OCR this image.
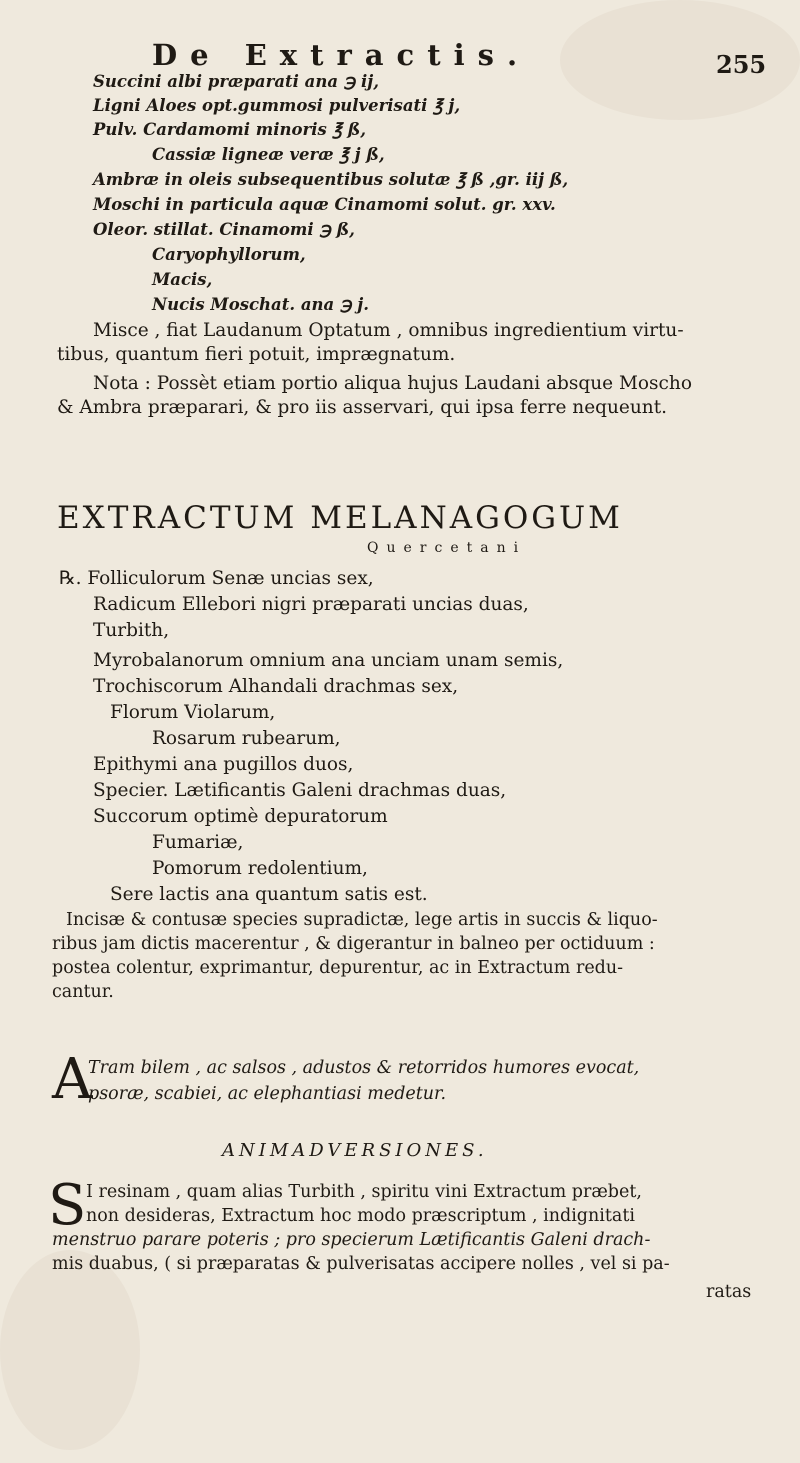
De Extractis.	255
Succini albi præparati ana ℈ ij,
Ligni Aloes opt.gummosi pulverisati ℥ j,
Pulv. Cardamomi minoris ℥ ß,
Cassiæ ligneæ veræ ℥ j ß,
Ambræ in oleis subsequentibus solutæ ℥ ß ,gr. iij ß,
Moschi in particula aquæ Cinamomi solut. gr. xxv.
Oleor. stillat. Cinamomi ℈ ß,
Caryophyllorum,
Macis,
Nucis Moschat. ana ℈ j.
Misce , fiat Laudanum Optatum , omnibus ingredientium virtu-
tibus, quantum fieri potuit, imprægnatum.
Nota : Possèt etiam portio aliqua hujus Laudani absque Moscho
& Ambra præparari, & pro iis asservari, qui ipsa ferre nequeunt.
EXTRACTUM MELANAGOGUM
Quercetani
℞. Folliculorum Senæ uncias sex,
Radicum Ellebori nigri præparati uncias duas,
Turbith,
Myrobalanorum omnium ana unciam unam semis,
Trochiscorum Alhandali drachmas sex,
Florum Violarum,
Rosarum rubearum,
Epithymi ana pugillos duos,
Specier. Lætificantis Galeni drachmas duas,
Succorum optimè depuratorum
Fumariæ,
Pomorum redolentium,
Sere lactis ana quantum satis est.
Incisæ & contusæ species supradictæ, lege artis in succis & liquo-
ribus jam dictis macerentur , & digerantur in balneo per octiduum :
postea colentur, exprimantur, depurentur, ac in Extractum redu-
cantur.
A
Tram bilem , ac salsos , adustos & retorridos humores evocat,
psoræ, scabiei, ac elephantiasi medetur.
ANIMADVERSIONES.
S I resinam , quam alias Turbith , spiritu vini Extractum præbet,
non desideras, Extractum hoc modo præscriptum , indignitati
menstruo parare poteris ; pro specierum Lætificantis Galeni drach-
mis duabus, ( si præparatas & pulverisatas accipere nolles , vel si pa-
ratas
